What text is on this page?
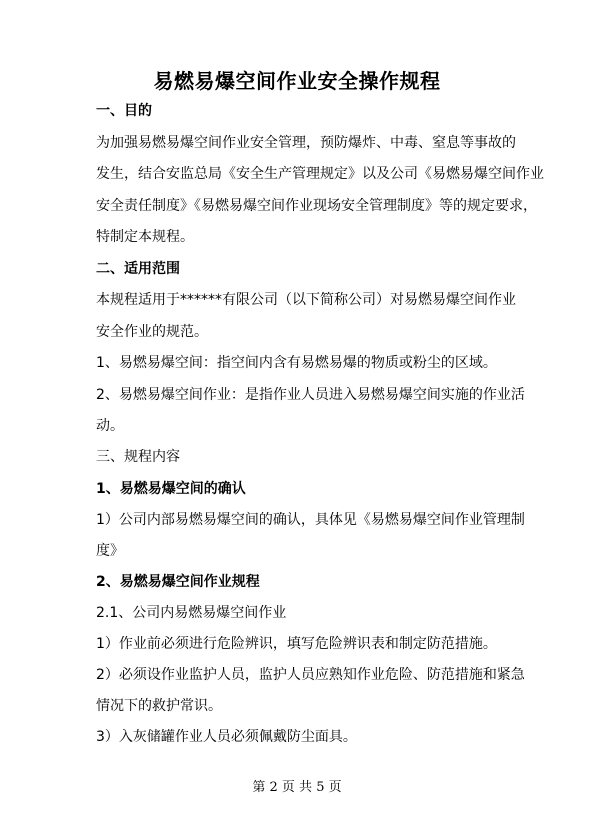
易燃易爆空间作业安全操作规程
一、目的
为加强易燃易爆空间作业安全管理，预防爆炸、中毒、窒息等事故的
发生，结合安监总局《安全生产管理规定》以及公司《易燃易爆空间作业
安全责任制度》《易燃易爆空间作业现场安全管理制度》等的规定要求，
特制定本规程。
二、适用范围
本规程适用于******有限公司（以下简称公司）对易燃易爆空间作业
安全作业的规范。
1、易燃易爆空间：指空间内含有易燃易爆的物质或粉尘的区域。
2、易燃易爆空间作业：是指作业人员进入易燃易爆空间实施的作业活
动。
三、规程内容
1、易燃易爆空间的确认
1）公司内部易燃易爆空间的确认，具体见《易燃易爆空间作业管理制
度》
2、易燃易爆空间作业规程
2.1、公司内易燃易爆空间作业
1）作业前必须进行危险辨识，填写危险辨识表和制定防范措施。
2）必须设作业监护人员，监护人员应熟知作业危险、防范措施和紧急
情况下的救护常识。
3）入灰储罐作业人员必须佩戴防尘面具。
第 2 页 共 5 页
